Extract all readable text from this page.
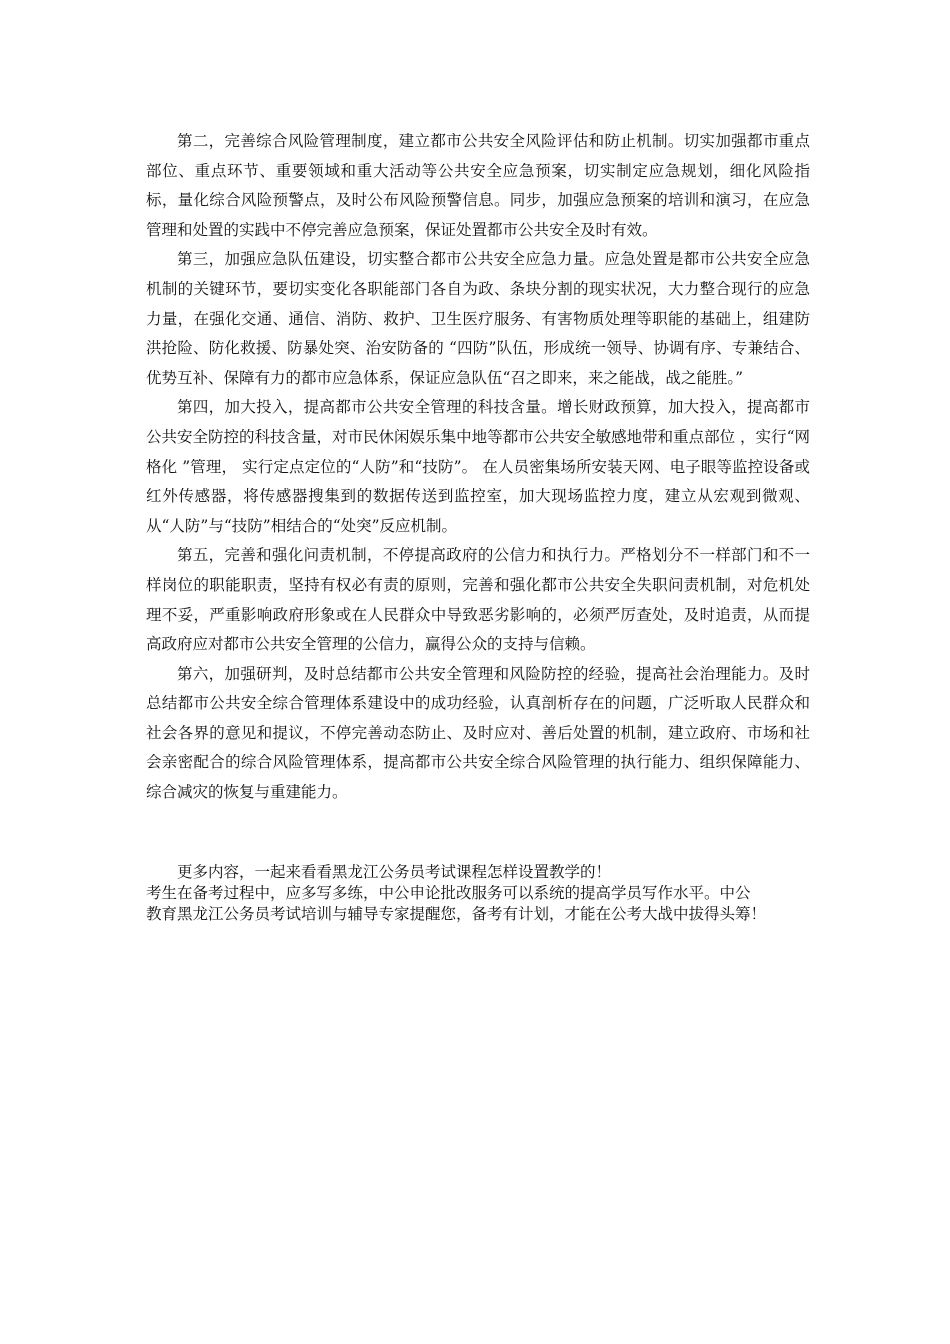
第二，完善综合风险管理制度，建立都市公共安全风险评估和防止机制。切实加强都市重点部位、重点环节、重要领域和重大活动等公共安全应急预案，切实制定应急规划，细化风险指标，量化综合风险预警点，及时公布风险预警信息。同步，加强应急预案的培训和演习，在应急管理和处置的实践中不停完善应急预案，保证处置都市公共安全及时有效。

第三，加强应急队伍建设，切实整合都市公共安全应急力量。应急处置是都市公共安全应急机制的关键环节，要切实变化各职能部门各自为政、条块分割的现实状况，大力整合现行的应急力量，在强化交通、通信、消防、救护、卫生医疗服务、有害物质处理等职能的基础上，组建防洪抢险、防化救援、防暴处突、治安防备的 “四防”队伍，形成统一领导、协调有序、专兼结合、优势互补、保障有力的都市应急体系，保证应急队伍“召之即来，来之能战，战之能胜。”

第四，加大投入，提高都市公共安全管理的科技含量。增长财政预算，加大投入，提高都市公共安全防控的科技含量，对市民休闲娱乐集中地等都市公共安全敏感地带和重点部位 ，实行“网格化 ”管理， 实行定点定位的“人防”和“技防”。 在人员密集场所安装天网、电子眼等监控设备或红外传感器，将传感器搜集到的数据传送到监控室，加大现场监控力度，建立从宏观到微观、从“人防”与“技防”相结合的“处突”反应机制。

第五，完善和强化问责机制，不停提高政府的公信力和执行力。严格划分不一样部门和不一样岗位的职能职责，坚持有权必有责的原则，完善和强化都市公共安全失职问责机制，对危机处理不妥，严重影响政府形象或在人民群众中导致恶劣影响的，必须严厉查处，及时追责，从而提高政府应对都市公共安全管理的公信力，赢得公众的支持与信赖。

第六，加强研判，及时总结都市公共安全管理和风险防控的经验，提高社会治理能力。及时总结都市公共安全综合管理体系建设中的成功经验，认真剖析存在的问题，广泛听取人民群众和社会各界的意见和提议，不停完善动态防止、及时应对、善后处置的机制，建立政府、市场和社会亲密配合的综合风险管理体系，提高都市公共安全综合风险管理的执行能力、组织保障能力、综合减灾的恢复与重建能力。

更多内容，一起来看看黑龙江公务员考试课程怎样设置教学的！

考生在备考过程中，应多写多练，中公申论批改服务可以系统的提高学员写作水平。中公

教育黑龙江公务员考试培训与辅导专家提醒您，备考有计划，才能在公考大战中拔得头筹！
